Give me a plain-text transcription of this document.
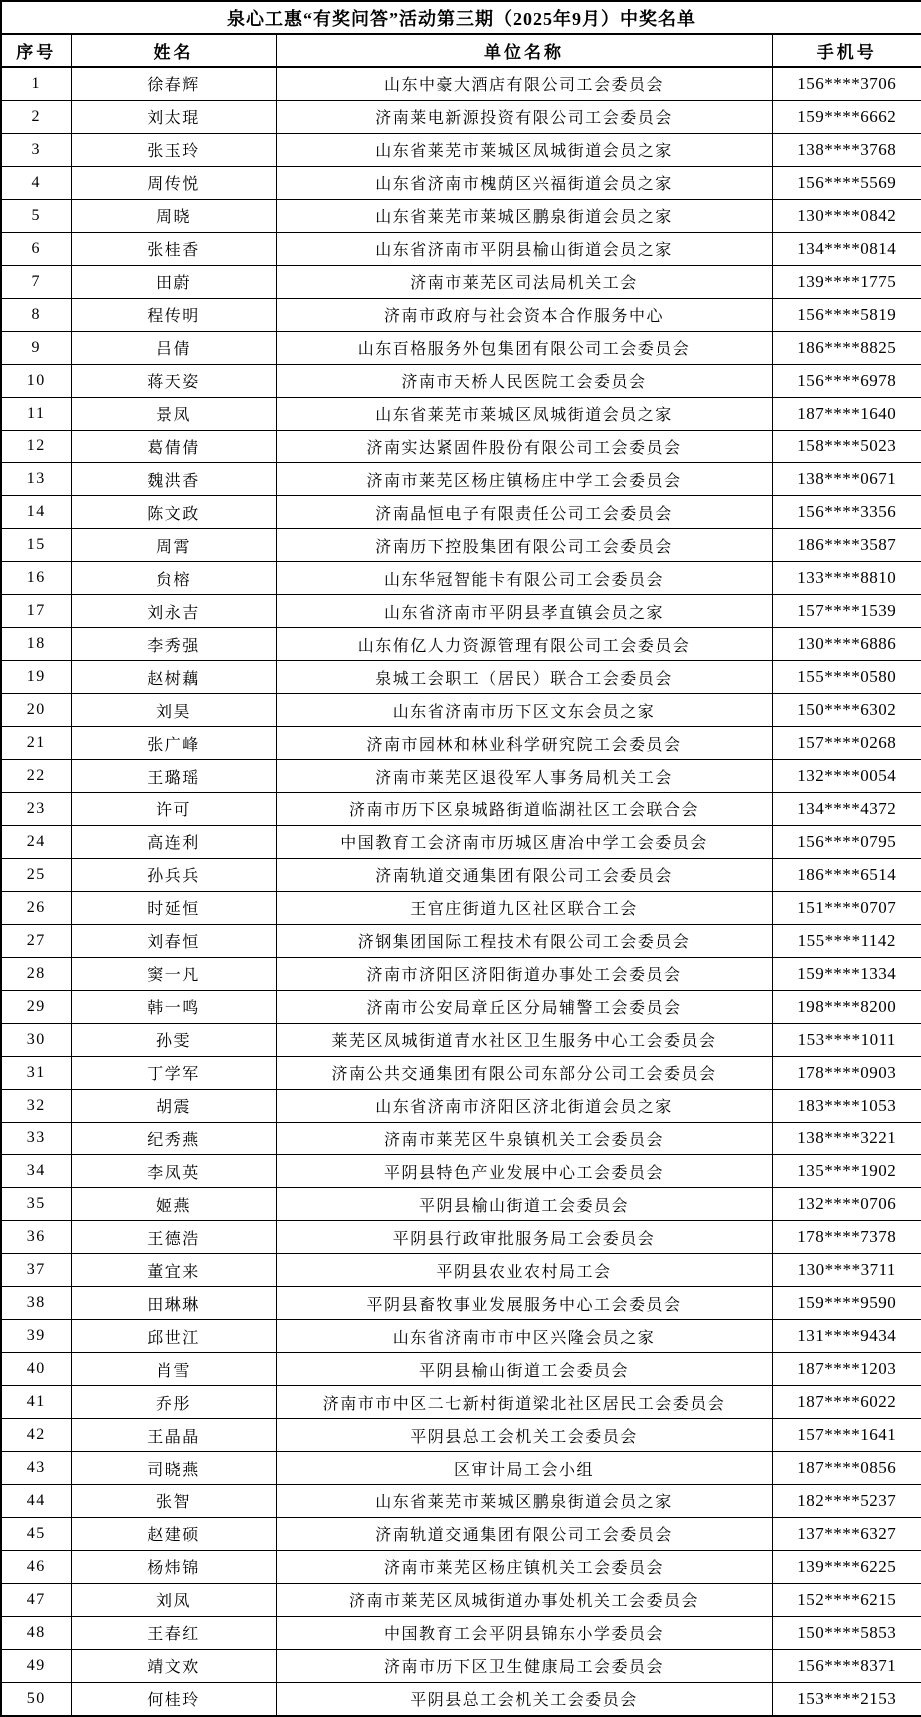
泉心工惠“有奖问答”活动第三期（2025年9月）中奖名单			
序号	姓名	单位名称	手机号
1	徐春辉	山东中豪大酒店有限公司工会委员会	156****3706
2	刘太琨	济南莱电新源投资有限公司工会委员会	159****6662
3	张玉玲	山东省莱芜市莱城区凤城街道会员之家	138****3768
4	周传悦	山东省济南市槐荫区兴福街道会员之家	156****5569
5	周晓	山东省莱芜市莱城区鹏泉街道会员之家	130****0842
6	张桂香	山东省济南市平阴县榆山街道会员之家	134****0814
7	田蔚	济南市莱芜区司法局机关工会	139****1775
8	程传明	济南市政府与社会资本合作服务中心	156****5819
9	吕倩	山东百格服务外包集团有限公司工会委员会	186****8825
10	蒋天姿	济南市天桥人民医院工会委员会	156****6978
11	景凤	山东省莱芜市莱城区凤城街道会员之家	187****1640
12	葛倩倩	济南实达紧固件股份有限公司工会委员会	158****5023
13	魏洪香	济南市莱芜区杨庄镇杨庄中学工会委员会	138****0671
14	陈文政	济南晶恒电子有限责任公司工会委员会	156****3356
15	周霄	济南历下控股集团有限公司工会委员会	186****3587
16	贠榕	山东华冠智能卡有限公司工会委员会	133****8810
17	刘永吉	山东省济南市平阴县孝直镇会员之家	157****1539
18	李秀强	山东侑亿人力资源管理有限公司工会委员会	130****6886
19	赵树藕	泉城工会职工（居民）联合工会委员会	155****0580
20	刘昊	山东省济南市历下区文东会员之家	150****6302
21	张广峰	济南市园林和林业科学研究院工会委员会	157****0268
22	王璐瑶	济南市莱芜区退役军人事务局机关工会	132****0054
23	许可	济南市历下区泉城路街道临湖社区工会联合会	134****4372
24	高连利	中国教育工会济南市历城区唐冶中学工会委员会	156****0795
25	孙兵兵	济南轨道交通集团有限公司工会委员会	186****6514
26	时延恒	王官庄街道九区社区联合工会	151****0707
27	刘春恒	济钢集团国际工程技术有限公司工会委员会	155****1142
28	窦一凡	济南市济阳区济阳街道办事处工会委员会	159****1334
29	韩一鸣	济南市公安局章丘区分局辅警工会委员会	198****8200
30	孙雯	莱芜区凤城街道青水社区卫生服务中心工会委员会	153****1011
31	丁学军	济南公共交通集团有限公司东部分公司工会委员会	178****0903
32	胡震	山东省济南市济阳区济北街道会员之家	183****1053
33	纪秀燕	济南市莱芜区牛泉镇机关工会委员会	138****3221
34	李凤英	平阴县特色产业发展中心工会委员会	135****1902
35	姬燕	平阴县榆山街道工会委员会	132****0706
36	王德浩	平阴县行政审批服务局工会委员会	178****7378
37	董宜来	平阴县农业农村局工会	130****3711
38	田琳琳	平阴县畜牧事业发展服务中心工会委员会	159****9590
39	邱世江	山东省济南市市中区兴隆会员之家	131****9434
40	肖雪	平阴县榆山街道工会委员会	187****1203
41	乔彤	济南市市中区二七新村街道梁北社区居民工会委员会	187****6022
42	王晶晶	平阴县总工会机关工会委员会	157****1641
43	司晓燕	区审计局工会小组	187****0856
44	张智	山东省莱芜市莱城区鹏泉街道会员之家	182****5237
45	赵建硕	济南轨道交通集团有限公司工会委员会	137****6327
46	杨炜锦	济南市莱芜区杨庄镇机关工会委员会	139****6225
47	刘凤	济南市莱芜区凤城街道办事处机关工会委员会	152****6215
48	王春红	中国教育工会平阴县锦东小学委员会	150****5853
49	靖文欢	济南市历下区卫生健康局工会委员会	156****8371
50	何桂玲	平阴县总工会机关工会委员会	153****2153
